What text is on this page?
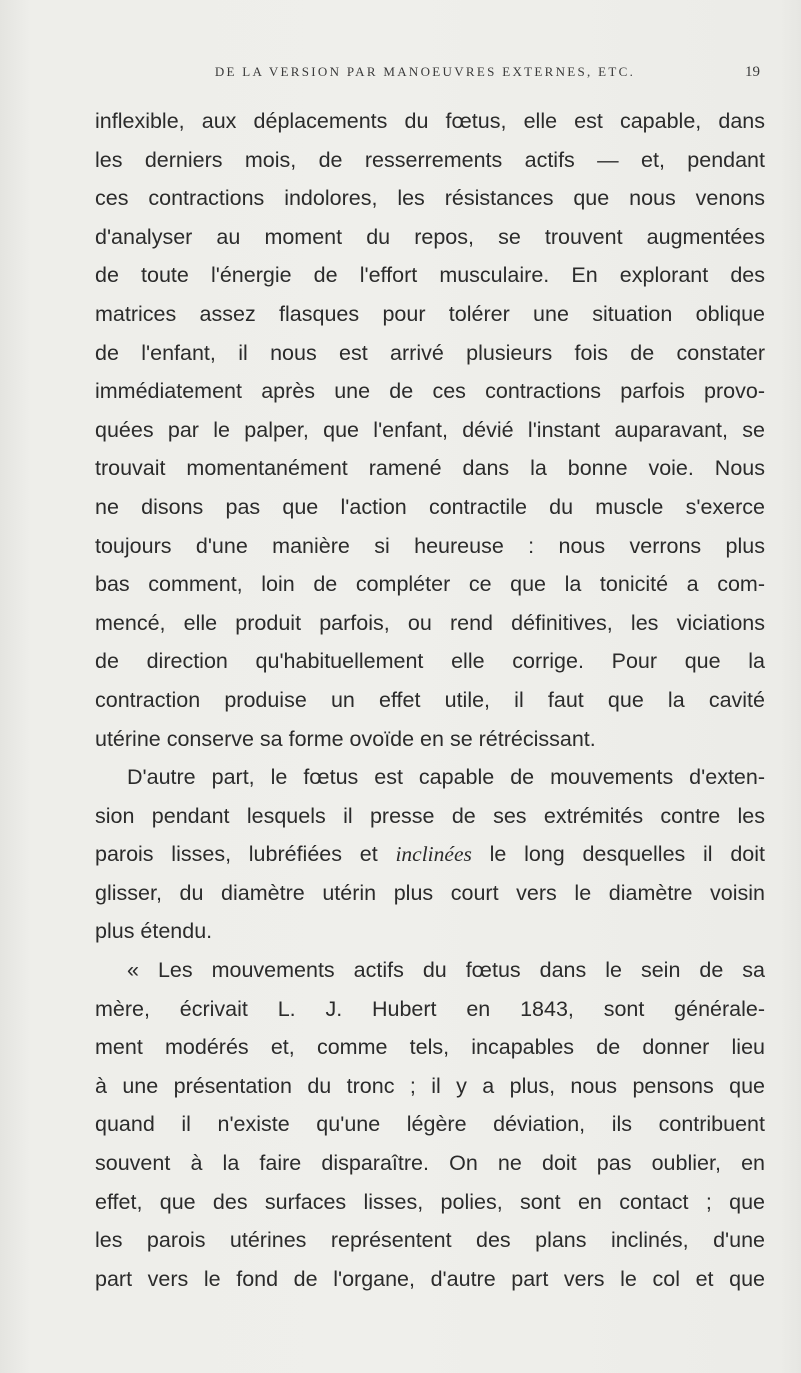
DE LA VERSION PAR MANOEUVRES EXTERNES, ETC.	19
inflexible, aux déplacements du fœtus, elle est capable, dans
les derniers mois, de resserrements actifs — et, pendant
ces contractions indolores, les résistances que nous venons
d'analyser au moment du repos, se trouvent augmentées
de toute l'énergie de l'effort musculaire. En explorant des
matrices assez flasques pour tolérer une situation oblique
de l'enfant, il nous est arrivé plusieurs fois de constater
immédiatement après une de ces contractions parfois provo-
quées par le palper, que l'enfant, dévié l'instant auparavant, se
trouvait momentanément ramené dans la bonne voie. Nous
ne disons pas que l'action contractile du muscle s'exerce
toujours d'une manière si heureuse : nous verrons plus
bas comment, loin de compléter ce que la tonicité a com-
mencé, elle produit parfois, ou rend définitives, les viciations
de direction qu'habituellement elle corrige. Pour que la
contraction produise un effet utile, il faut que la cavité
utérine conserve sa forme ovoïde en se rétrécissant.
D'autre part, le fœtus est capable de mouvements d'exten-
sion pendant lesquels il presse de ses extrémités contre les
parois lisses, lubréfiées et inclinées le long desquelles il doit
glisser, du diamètre utérin plus court vers le diamètre voisin
plus étendu.
« Les mouvements actifs du fœtus dans le sein de sa
mère, écrivait L. J. Hubert en 1843, sont générale-
ment modérés et, comme tels, incapables de donner lieu
à une présentation du tronc ; il y a plus, nous pensons que
quand il n'existe qu'une légère déviation, ils contribuent
souvent à la faire disparaître. On ne doit pas oublier, en
effet, que des surfaces lisses, polies, sont en contact ; que
les parois utérines représentent des plans inclinés, d'une
part vers le fond de l'organe, d'autre part vers le col et que
